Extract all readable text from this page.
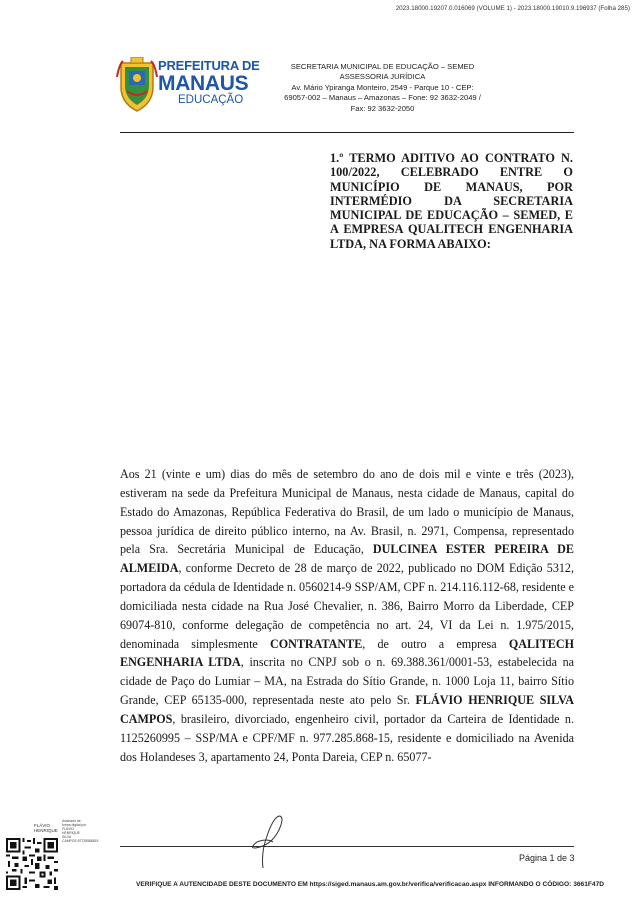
2023.18000.19207.0.016069 (VOLUME 1) - 2023.18000.19010.9.196937 (Folha 285)
PREFEITURA DE
MANAUS
EDUCAÇÃO
SECRETARIA MUNICIPAL DE EDUCAÇÃO – SEMED
ASSESSORIA JURÍDICA
Av. Mário Ypiranga Monteiro, 2549 - Parque 10 - CEP:
69057-002 – Manaus – Amazonas – Fone: 92 3632-2049 /
Fax: 92 3632-2050
1.º TERMO ADITIVO AO CONTRATO N. 100/2022, CELEBRADO ENTRE O MUNICÍPIO DE MANAUS, POR INTERMÉDIO DA SECRETARIA MUNICIPAL DE EDUCAÇÃO – SEMED, E A EMPRESA QUALITECH ENGENHARIA LTDA, NA FORMA ABAIXO:
Aos 21 (vinte e um) dias do mês de setembro do ano de dois mil e vinte e três (2023), estiveram na sede da Prefeitura Municipal de Manaus, nesta cidade de Manaus, capital do Estado do Amazonas, República Federativa do Brasil, de um lado o município de Manaus, pessoa jurídica de direito público interno, na Av. Brasil, n. 2971, Compensa, representado pela Sra. Secretária Municipal de Educação, DULCINEA ESTER PEREIRA DE ALMEIDA, conforme Decreto de 28 de março de 2022, publicado no DOM Edição 5312, portadora da cédula de Identidade n. 0560214-9 SSP/AM, CPF n. 214.116.112-68, residente e domiciliada nesta cidade na Rua José Chevalier, n. 386, Bairro Morro da Liberdade, CEP 69074-810, conforme delegação de competência no art. 24, VI da Lei n. 1.975/2015, denominada simplesmente CONTRATANTE, de outro a empresa QALITECH ENGENHARIA LTDA, inscrita no CNPJ sob o n. 69.388.361/0001-53, estabelecida na cidade de Paço do Lumiar – MA, na Estrada do Sítio Grande, n. 1000 Loja 11, bairro Sítio Grande, CEP 65135-000, representada neste ato pelo Sr. FLÁVIO HENRIQUE SILVA CAMPOS, brasileiro, divorciado, engenheiro civil, portador da Carteira de Identidade n. 1125260995 – SSP/MA e CPF/MF n. 977.285.868-15, residente e domiciliado na Avenida dos Holandeses 3, apartamento 24, Ponta Dareia, CEP n. 65077-
FLÁVIO
HENRIQUE
Assinado de forma digital por FLÁVIO HENRIQUE SILVA CAMPOS:97728586815
Página 1 de 3
VERIFIQUE A AUTENCIDADE DESTE DOCUMENTO EM https://siged.manaus.am.gov.br/verifica/verificacao.aspx INFORMANDO O CÓDIGO: 3661F47D
